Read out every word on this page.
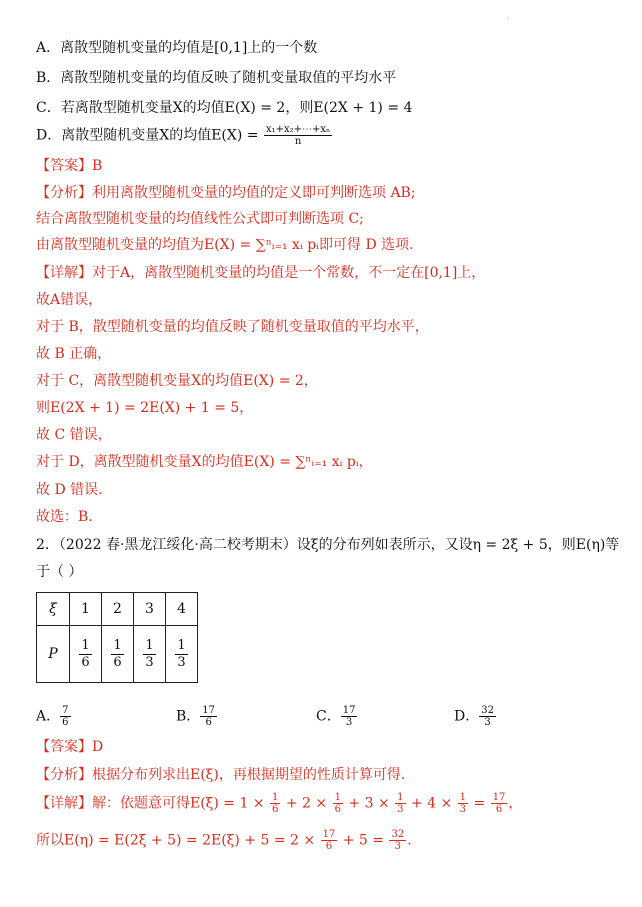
·
A．离散型随机变量的均值是[0,1]上的一个数
B．离散型随机变量的均值反映了随机变量取值的平均水平
C．若离散型随机变量X的均值E(X) = 2，则E(2X + 1) = 4
D．离散型随机变量X的均值$E(X) = \frac{\text{x₁+x₂+⋯+xₙ}}{n}$
【答案】B
【分析】利用离散型随机变量的均值的定义即可判断选项 AB;
结合离散型随机变量的均值线性公式即可判断选项 C;
由离散型随机变量的均值为E(X) = ∑ⁿᵢ₌₁ xᵢ pᵢ即可得 D 选项.
【详解】对于A，离散型随机变量的均值是一个常数，不一定在[0,1]上，
故A错误，
对于 B，散型随机变量的均值反映了随机变量取值的平均水平，
故 B 正确，
对于 C，离散型随机变量X的均值E(X) = 2，
则E(2X + 1) = 2E(X) + 1 = 5，
故 C 错误，
对于 D，离散型随机变量X的均值E(X) = ∑ⁿᵢ₌₁ xᵢ pᵢ，
故 D 错误.
故选：B.
2．（2022 春·黑龙江绥化·高二校考期末）设ξ的分布列如表所示，又设η = 2ξ + 5，则E(η)等
于（ ）
ξ	1	2	3	4
P	$\frac{1}{6}$	$\frac{1}{6}$	$\frac{1}{3}$	$\frac{1}{3}$
A． $\frac{7}{6}$	B． $\frac{17}{6}$	C． $\frac{17}{3}$	D． $\frac{32}{3}$
【答案】D
【分析】根据分布列求出E(ξ)，再根据期望的性质计算可得.
【详解】解：依题意可得$E(\xi) = 1 \times \frac{1}{6} + 2 \times \frac{1}{6} + 3 \times \frac{1}{3} + 4 \times \frac{1}{3} = \frac{17}{6}$ ，
所以$E(\eta) = E(2\xi + 5) = 2E(\xi) + 5 = 2 \times \frac{17}{6} + 5 = \frac{32}{3}$ .
